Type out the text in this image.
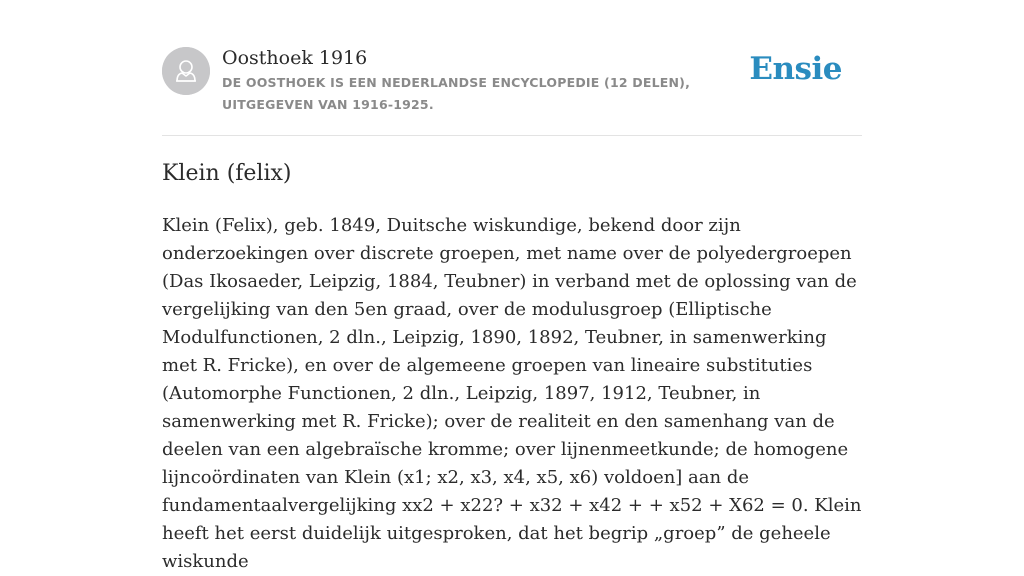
Oosthoek 1916

DE OOSTHOEK IS EEN NEDERLANDSE ENCYCLOPEDIE (12 DELEN), UITGEGEVEN VAN 1916-1925.

Ensie
Klein (felix)

Klein (Felix), geb. 1849, Duitsche wiskundige, bekend door zijn onderzoekingen over discrete groepen, met name over de polyedergroepen (Das Ikosaeder, Leipzig, 1884, Teubner) in verband met de oplossing van de vergelijking van den 5en graad, over de modulusgroep (Elliptische Modulfunctionen, 2 dln., Leipzig, 1890, 1892, Teubner, in samenwerking met R. Fricke), en over de algemeene groepen van lineaire substituties (Automorphe Functionen, 2 dln., Leipzig, 1897, 1912, Teubner, in samenwerking met R. Fricke); over de realiteit en den samenhang van de deelen van een algebraïsche kromme; over lijnenmeetkunde; de homogene lijncoördinaten van Klein (x1; x2, x3, x4, x5, x6) voldoen] aan de fundamentaalvergelijking xx2 + x22? + x32 + x42 + + x52 + X62 = 0. Klein heeft het eerst duidelijk uitgesproken, dat het begrip „groep” de geheele wiskunde
